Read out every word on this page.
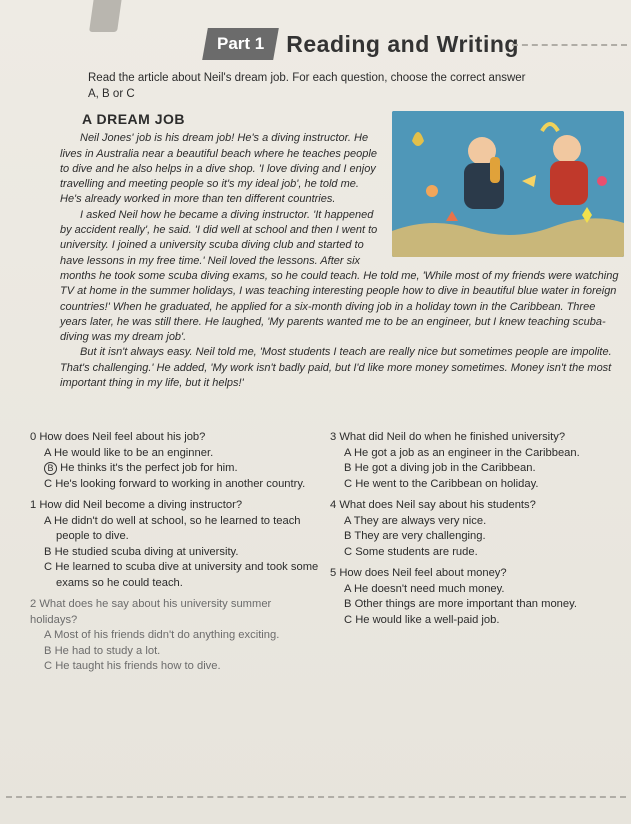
Part 1 Reading and Writing
Read the article about Neil's dream job. For each question, choose the correct answer
A, B or C
A DREAM JOB
Neil Jones' job is his dream job! He's a diving instructor. He lives in Australia near a beautiful beach where he teaches people to dive and he also helps in a dive shop. 'I love diving and I enjoy travelling and meeting people so it's my ideal job', he told me. He's already worked in more than ten different countries.
I asked Neil how he became a diving instructor. 'It happened by accident really', he said. 'I did well at school and then I went to university. I joined a university scuba diving club and started to have lessons in my free time.' Neil loved the lessons. After six months he took some scuba diving exams, so he could teach. He told me, 'While most of my friends were watching TV at home in the summer holidays, I was teaching interesting people how to dive in beautiful blue water in foreign countries!' When he graduated, he applied for a six-month diving job in a holiday town in the Caribbean. Three years later, he was still there. He laughed, 'My parents wanted me to be an engineer, but I knew teaching scuba-diving was my dream job'.
But it isn't always easy. Neil told me, 'Most students I teach are really nice but sometimes people are impolite. That's challenging.' He added, 'My work isn't badly paid, but I'd like more money sometimes. Money isn't the most important thing in my life, but it helps!'
0 How does Neil feel about his job?
A He would like to be an enginner.
B He thinks it's the perfect job for him.
C He's looking forward to working in another country.
1 How did Neil become a diving instructor?
A He didn't do well at school, so he learned to teach people to dive.
B He studied scuba diving at university.
C He learned to scuba dive at university and took some exams so he could teach.
2 What does he say about his university summer holidays?
A Most of his friends didn't do anything exciting.
B He had to study a lot.
C He taught his friends how to dive.
3 What did Neil do when he finished university?
A He got a job as an engineer in the Caribbean.
B He got a diving job in the Caribbean.
C He went to the Caribbean on holiday.
4 What does Neil say about his students?
A They are always very nice.
B They are very challenging.
C Some students are rude.
5 How does Neil feel about money?
A He doesn't need much money.
B Other things are more important than money.
C He would like a well-paid job.
